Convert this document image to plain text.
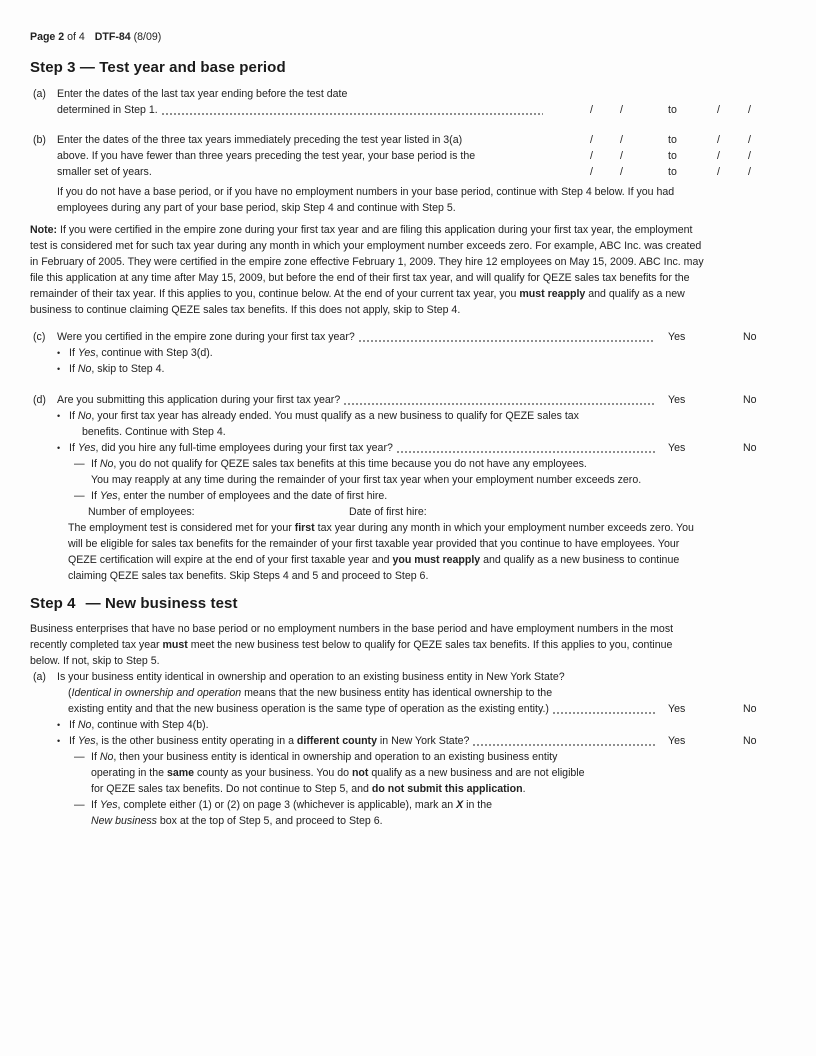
Page 2 of 4 DTF-84 (8/09)
Step 3 — Test year and base period
(a)	Enter the dates of the last tax year ending before the test date
determined in Step 1.	/	/	to	/	/
(b)	Enter the dates of the three tax years immediately preceding the test year listed in 3(a)
above. If you have fewer than three years preceding the test year, your base period is the
smaller set of years.
/	/	to	/	/
/	/	to	/	/
/	/	to	/	/
If you do not have a base period, or if you have no employment numbers in your base period, continue with Step 4 below. If you had
employees during any part of your base period, skip Step 4 and continue with Step 5.
Note: If you were certified in the empire zone during your first tax year and are filing this application during your first tax year, the employment
test is considered met for such tax year during any month in which your employment number exceeds zero. For example, ABC Inc. was created
in February of 2005. They were certified in the empire zone effective February 1, 2009. They hire 12 employees on May 15, 2009. ABC Inc. may
file this application at any time after May 15, 2009, but before the end of their first tax year, and will qualify for QEZE sales tax benefits for the
remainder of their tax year. If this applies to you, continue below. At the end of your current tax year, you must reapply and qualify as a new
business to continue claiming QEZE sales tax benefits. If this does not apply, skip to Step 4.
(c)	Were you certified in the empire zone during your first tax year?	Yes	No
• If Yes, continue with Step 3(d).
• If No, skip to Step 4.
(d)	Are you submitting this application during your first tax year?	Yes	No
• If No, your first tax year has already ended. You must qualify as a new business to qualify for QEZE sales tax
benefits. Continue with Step 4.
• If Yes, did you hire any full-time employees during your first tax year?	Yes	No
— If No, you do not qualify for QEZE sales tax benefits at this time because you do not have any employees.
You may reapply at any time during the remainder of your first tax year when your employment number exceeds zero.
— If Yes, enter the number of employees and the date of first hire.
Number of employees:	Date of first hire:
The employment test is considered met for your first tax year during any month in which your employment number exceeds zero. You
will be eligible for sales tax benefits for the remainder of your first taxable year provided that you continue to have employees. Your
QEZE certification will expire at the end of your first taxable year and you must reapply and qualify as a new business to continue
claiming QEZE sales tax benefits. Skip Steps 4 and 5 and proceed to Step 6.
Step 4 — New business test
Business enterprises that have no base period or no employment numbers in the base period and have employment numbers in the most
recently completed tax year must meet the new business test below to qualify for QEZE sales tax benefits. If this applies to you, continue
below. If not, skip to Step 5.
(a)	Is your business entity identical in ownership and operation to an existing business entity in New York State?
(Identical in ownership and operation means that the new business entity has identical ownership to the
existing entity and that the new business operation is the same type of operation as the existing entity.)	Yes	No
• If No, continue with Step 4(b).
• If Yes, is the other business entity operating in a different county in New York State?	Yes	No
— If No, then your business entity is identical in ownership and operation to an existing business entity
operating in the same county as your business. You do not qualify as a new business and are not eligible
for QEZE sales tax benefits. Do not continue to Step 5, and do not submit this application.
— If Yes, complete either (1) or (2) on page 3 (whichever is applicable), mark an X in the
New business box at the top of Step 5, and proceed to Step 6.
